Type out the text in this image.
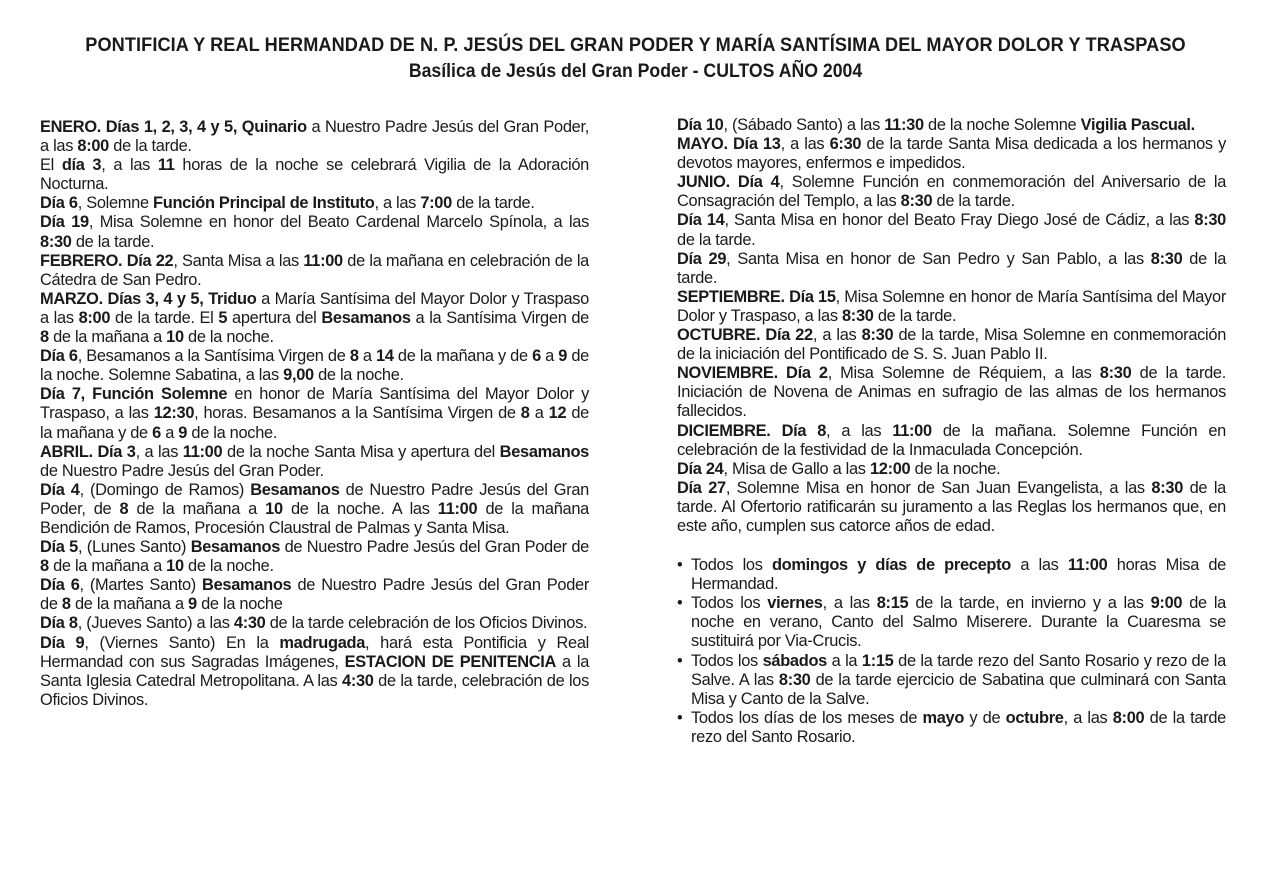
PONTIFICIA Y REAL HERMANDAD DE N. P. JESÚS DEL GRAN PODER Y MARÍA SANTÍSIMA DEL MAYOR DOLOR Y TRASPASO
Basílica de Jesús del Gran Poder - CULTOS AÑO 2004

ENERO. Días 1, 2, 3, 4 y 5, Quinario a Nuestro Padre Jesús del Gran Poder, a las 8:00 de la tarde.

El día 3, a las 11 horas de la noche se celebrará Vigilia de la Adoración Nocturna.

Día 6, Solemne Función Principal de Instituto, a las 7:00 de la tarde.

Día 19, Misa Solemne en honor del Beato Cardenal Marcelo Spínola, a las 8:30 de la tarde.

FEBRERO. Día 22, Santa Misa a las 11:00 de la mañana en celebración de la Cátedra de San Pedro.

MARZO. Días 3, 4 y 5, Triduo a María Santísima del Mayor Dolor y Traspaso a las 8:00 de la tarde. El 5 apertura del Besamanos a la Santísima Virgen de 8 de la mañana a 10 de la noche.

Día 6, Besamanos a la Santísima Virgen de 8 a 14 de la mañana y de 6 a 9 de la noche. Solemne Sabatina, a las 9,00 de la noche.

Día 7, Función Solemne en honor de María Santísima del Mayor Dolor y Traspaso, a las 12:30, horas. Besamanos a la Santísima Virgen de 8 a 12 de la mañana y de 6 a 9 de la noche.

ABRIL. Día 3, a las 11:00 de la noche Santa Misa y apertura del Besamanos de Nuestro Padre Jesús del Gran Poder.

Día 4, (Domingo de Ramos) Besamanos de Nuestro Padre Jesús del Gran Poder, de 8 de la mañana a 10 de la noche. A las 11:00 de la mañana Bendición de Ramos, Procesión Claustral de Palmas y Santa Misa.

Día 5, (Lunes Santo) Besamanos de Nuestro Padre Jesús del Gran Poder de 8 de la mañana a 10 de la noche.

Día 6, (Martes Santo) Besamanos de Nuestro Padre Jesús del Gran Poder de 8 de la mañana a 9 de la noche

Día 8, (Jueves Santo) a las 4:30 de la tarde celebración de los Oficios Divinos.

Día 9, (Viernes Santo) En la madrugada, hará esta Pontificia y Real Hermandad con sus Sagradas Imágenes, ESTACION DE PENITENCIA a la Santa Iglesia Catedral Metropolitana. A las 4:30 de la tarde, celebración de los Oficios Divinos.

Día 10, (Sábado Santo) a las 11:30 de la noche Solemne Vigilia Pascual.

MAYO. Día 13, a las 6:30 de la tarde Santa Misa dedicada a los hermanos y devotos mayores, enfermos e impedidos.

JUNIO. Día 4, Solemne Función en conmemoración del Aniversario de la Consagración del Templo, a las 8:30 de la tarde.

Día 14, Santa Misa en honor del Beato Fray Diego José de Cádiz, a las 8:30 de la tarde.

Día 29, Santa Misa en honor de San Pedro y San Pablo, a las 8:30 de la tarde.

SEPTIEMBRE. Día 15, Misa Solemne en honor de María Santísima del Mayor Dolor y Traspaso, a las 8:30 de la tarde.

OCTUBRE. Día 22, a las 8:30 de la tarde, Misa Solemne en conmemoración de la iniciación del Pontificado de S. S. Juan Pablo II.

NOVIEMBRE. Día 2, Misa Solemne de Réquiem, a las 8:30 de la tarde. Iniciación de Novena de Animas en sufragio de las almas de los hermanos fallecidos.

DICIEMBRE. Día 8, a las 11:00 de la mañana. Solemne Función en celebración de la festividad de la Inmaculada Concepción.

Día 24, Misa de Gallo a las 12:00 de la noche.

Día 27, Solemne Misa en honor de San Juan Evangelista, a las 8:30 de la tarde. Al Ofertorio ratificarán su juramento a las Reglas los hermanos que, en este año, cumplen sus catorce años de edad.

• Todos los domingos y días de precepto a las 11:00 horas Misa de Hermandad.
• Todos los viernes, a las 8:15 de la tarde, en invierno y a las 9:00 de la noche en verano, Canto del Salmo Miserere. Durante la Cuaresma se sustituirá por Via-Crucis.
• Todos los sábados a la 1:15 de la tarde rezo del Santo Rosario y rezo de la Salve. A las 8:30 de la tarde ejercicio de Sabatina que culminará con Santa Misa y Canto de la Salve.
• Todos los días de los meses de mayo y de octubre, a las 8:00 de la tarde rezo del Santo Rosario.
